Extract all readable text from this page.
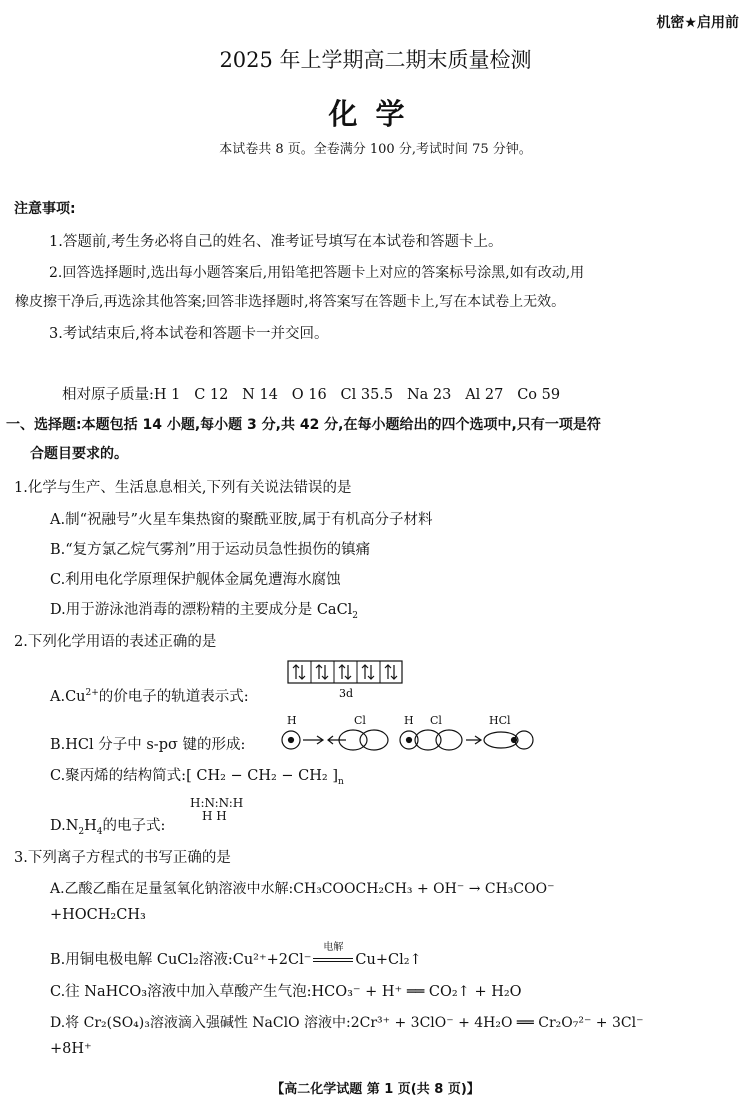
机密★启用前
2025 年上学期高二期末质量检测
化学
本试卷共 8 页。全卷满分 100 分,考试时间 75 分钟。
注意事项:
1.答题前,考生务必将自己的姓名、准考证号填写在本试卷和答题卡上。
2.回答选择题时,选出每小题答案后,用铅笔把答题卡上对应的答案标号涂黑,如有改动,用
橡皮擦干净后,再选涂其他答案;回答非选择题时,将答案写在答题卡上,写在本试卷上无效。
3.考试结束后,将本试卷和答题卡一并交回。
相对原子质量:H 1   C 12   N 14   O 16   Cl 35.5   Na 23   Al 27   Co 59
一、选择题:本题包括 14 小题,每小题 3 分,共 42 分,在每小题给出的四个选项中,只有一项是符
合题目要求的。
1.化学与生产、生活息息相关,下列有关说法错误的是
A.制“祝融号”火星车集热窗的聚酰亚胺,属于有机高分子材料
B.“复方氯乙烷气雾剂”用于运动员急性损伤的镇痛
C.利用电化学原理保护舰体金属免遭海水腐蚀
D.用于游泳池消毒的漂粉精的主要成分是 CaCl$_2$
2.下列化学用语的表述正确的是
$A.Cu^{2+}$的价电子的轨道表示式:	3d
B.HCl 分子中 s-pσ 键的形成:
H	Cl	H Cl	HCl
C.聚丙烯的结构简式:[ CH₂ − CH₂ − CH₂ ]$_n$
H:N:N:H
H H
$D.N_2H_4$的电子式:
3.下列离子方程式的书写正确的是
A.乙酸乙酯在足量氢氧化钠溶液中水解:CH₃COOCH₂CH₃ + OH⁻ → CH₃COO⁻
+HOCH₂CH₃
B.用铜电极电解 CuCl₂溶液:Cu²⁺+2Cl⁻
电解
Cu+Cl₂↑
C.往 NaHCO₃溶液中加入草酸产生气泡:HCO₃⁻ + H⁺ ══ CO₂↑ + H₂O
D.将 Cr₂(SO₄)₃溶液滴入强碱性 NaClO 溶液中:2Cr³⁺ + 3ClO⁻ + 4H₂O ══ Cr₂O₇²⁻ + 3Cl⁻
+8H⁺
【高二化学试题 第 1 页(共 8 页)】
